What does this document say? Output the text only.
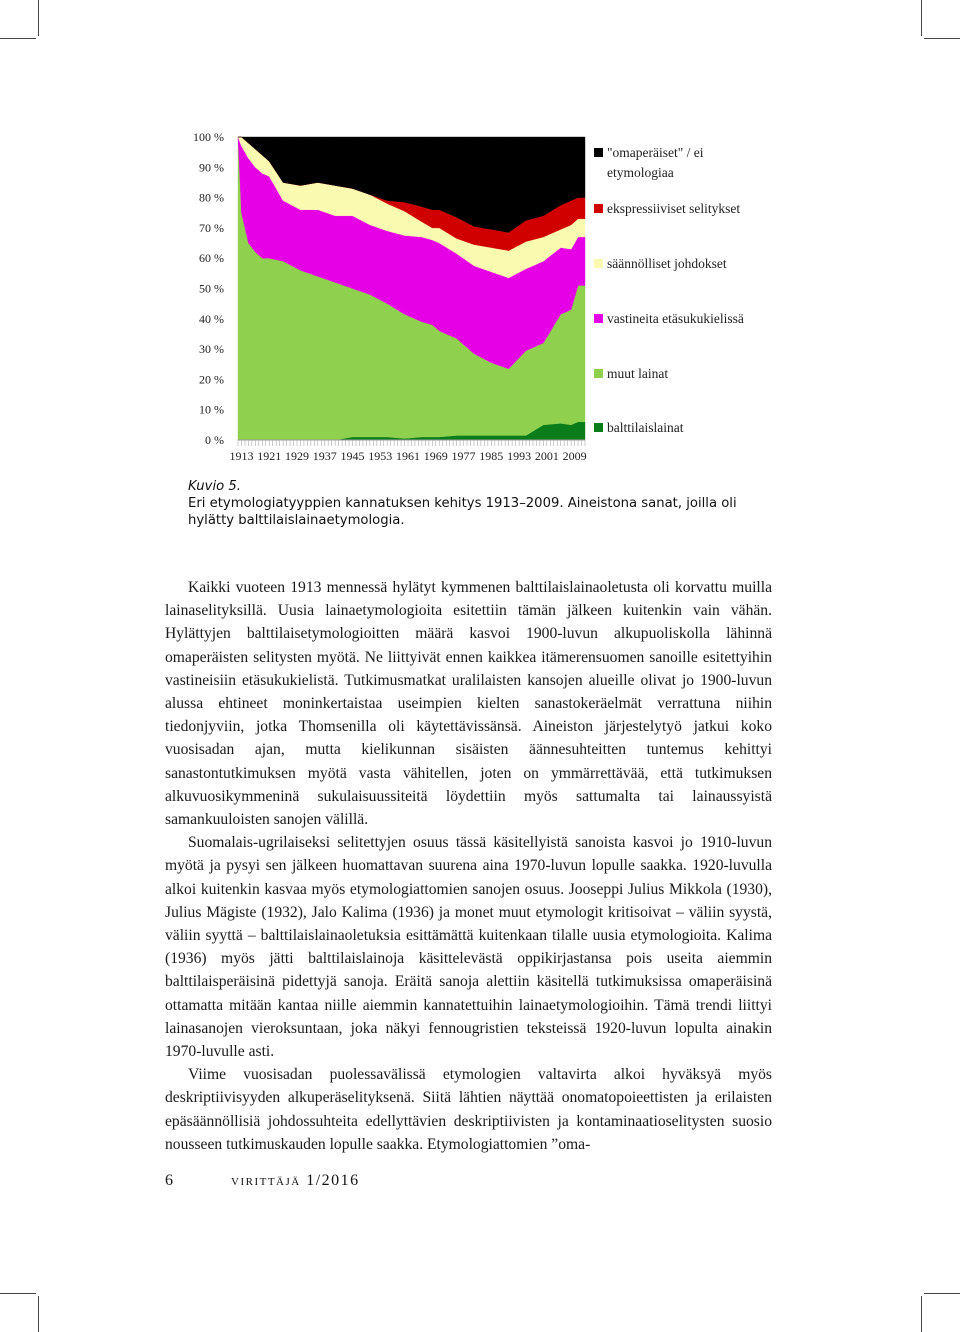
1913 1921 1929 1937 1945 1953 1961 1969 1977 1985 1993 2001 2009
100 %
90 %
80 %
70 %
60 %
50 %
40 %
30 %
20 %
10 %
0 %
"omaperäiset" / ei etymologiaa
ekspressiiviset selitykset
säännölliset johdokset
vastineita etäsukukielissä
muut lainat
balttilaislainat
Kuvio 5.
Eri etymologiatyyppien kannatuksen kehitys 1913–2009. Aineistona sanat, joilla oli hylätty balttilaislainaetymologia.

Kaikki vuoteen 1913 mennessä hylätyt kymmenen balttilaislainaoletusta oli korvattu muilla lainaselityksillä. Uusia lainaetymologioita esitettiin tämän jälkeen kuitenkin vain vähän. Hylättyjen balttilaisetymologioitten määrä kasvoi 1900-luvun alkupuoliskolla lähinnä omaperäisten selitysten myötä. Ne liittyivät ennen kaikkea itämerensuomen sanoille esitettyihin vastineisiin etäsukukielistä. Tutkimusmatkat uralilaisten kansojen alueille olivat jo 1900-luvun alussa ehtineet moninkertaistaa useimpien kielten sanastokeräelmät verrattuna niihin tiedonjyviin, jotka Thomsenilla oli käytettävissänsä. Aineiston järjestelytyö jatkui koko vuosisadan ajan, mutta kielikunnan sisäisten äännesuhteitten tuntemus kehittyi sanastontutkimuksen myötä vasta vähitellen, joten on ymmärrettävää, että tutkimuksen alkuvuosikymmeninä sukulaisuussiteitä löydettiin myös sattumalta tai lainaussyistä samankuuloisten sanojen välillä.

Suomalais-ugrilaiseksi selitettyjen osuus tässä käsitellyistä sanoista kasvoi jo 1910-luvun myötä ja pysyi sen jälkeen huomattavan suurena aina 1970-luvun lopulle saakka. 1920-luvulla alkoi kuitenkin kasvaa myös etymologiattomien sanojen osuus. Jooseppi Julius Mikkola (1930), Julius Mägiste (1932), Jalo Kalima (1936) ja monet muut etymologit kritisoivat – väliin syystä, väliin syyttä – balttilaislainaoletuksia esittämättä kuitenkaan tilalle uusia etymologioita. Kalima (1936) myös jätti balttilaislainoja käsittelevästä oppikirjastansa pois useita aiemmin balttilaisperäisinä pidettyjä sanoja. Eräitä sanoja alettiin käsitellä tutkimuksissa omaperäisinä ottamatta mitään kantaa niille aiemmin kannatettuihin lainaetymologioihin. Tämä trendi liittyi lainasanojen vieroksuntaan, joka näkyi fennougristien teksteissä 1920-luvun lopulta ainakin 1970-luvulle asti.

Viime vuosisadan puolessavälissä etymologien valtavirta alkoi hyväksyä myös deskriptiivisyyden alkuperäselityksenä. Siitä lähtien näyttää onomatopoieettisten ja erilaisten epäsäännöllisiä johdossuhteita edellyttävien deskriptiivisten ja kontaminaatioselitysten suosio nousseen tutkimuskauden lopulle saakka. Etymologiattomien ”oma-

6	virittäjä 1/2016
